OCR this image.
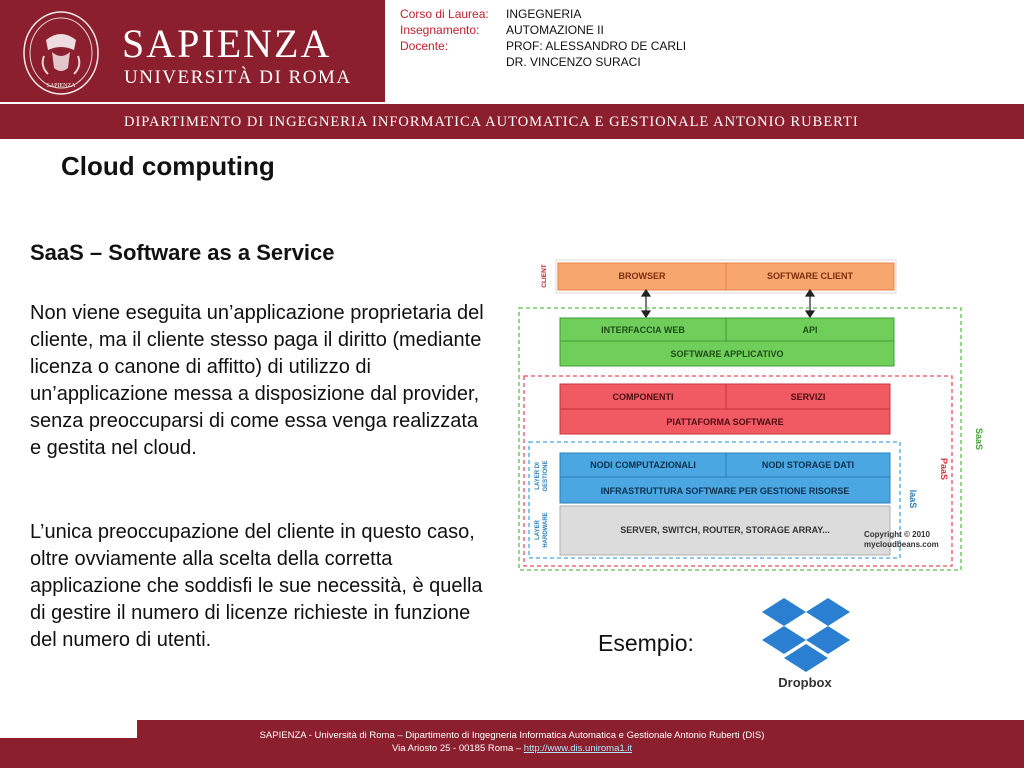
SAPIENZA
SAPIENZA
UNIVERSITÀ DI ROMA
Corso di Laurea:	INGEGNERIA
Insegnamento:	AUTOMAZIONE II
Docente:	PROF: ALESSANDRO DE CARLI
DR. VINCENZO SURACI
DIPARTIMENTO DI INGEGNERIA INFORMATICA AUTOMATICA E GESTIONALE ANTONIO RUBERTI
Cloud computing
SaaS – Software as a Service
Non viene eseguita un’applicazione proprietaria del cliente, ma il cliente stesso paga il diritto (mediante licenza o canone di affitto) di utilizzo di un’applicazione messa a disposizione dal provider, senza preoccuparsi di come essa venga realizzata e gestita nel cloud.
L’unica preoccupazione del cliente in questo caso, oltre ovviamente alla scelta della corretta applicazione che soddisfi le sue necessità, è quella di gestire il numero di licenze richieste in funzione del numero di utenti.
CLIENT	BROWSER	SOFTWARE CLIENT
INTERFACCIA WEB	API
SOFTWARE APPLICATIVO
SaaS
COMPONENTI	SERVIZI
PIATTAFORMA SOFTWARE
PaaS
NODI COMPUTAZIONALI	NODI STORAGE DATI
INFRASTRUTTURA SOFTWARE PER GESTIONE RISORSE
SERVER, SWITCH, ROUTER, STORAGE ARRAY...
IaaS
LAYER DI GESTIONE
LAYER HARDWARE	Copyright © 2010
mycloudbeans.com
Esempio:
Dropbox
SAPIENZA - Università di Roma – Dipartimento di Ingegneria Informatica Automatica e Gestionale Antonio Ruberti (DIS)
Via Ariosto 25 - 00185 Roma – http://www.dis.uniroma1.it
